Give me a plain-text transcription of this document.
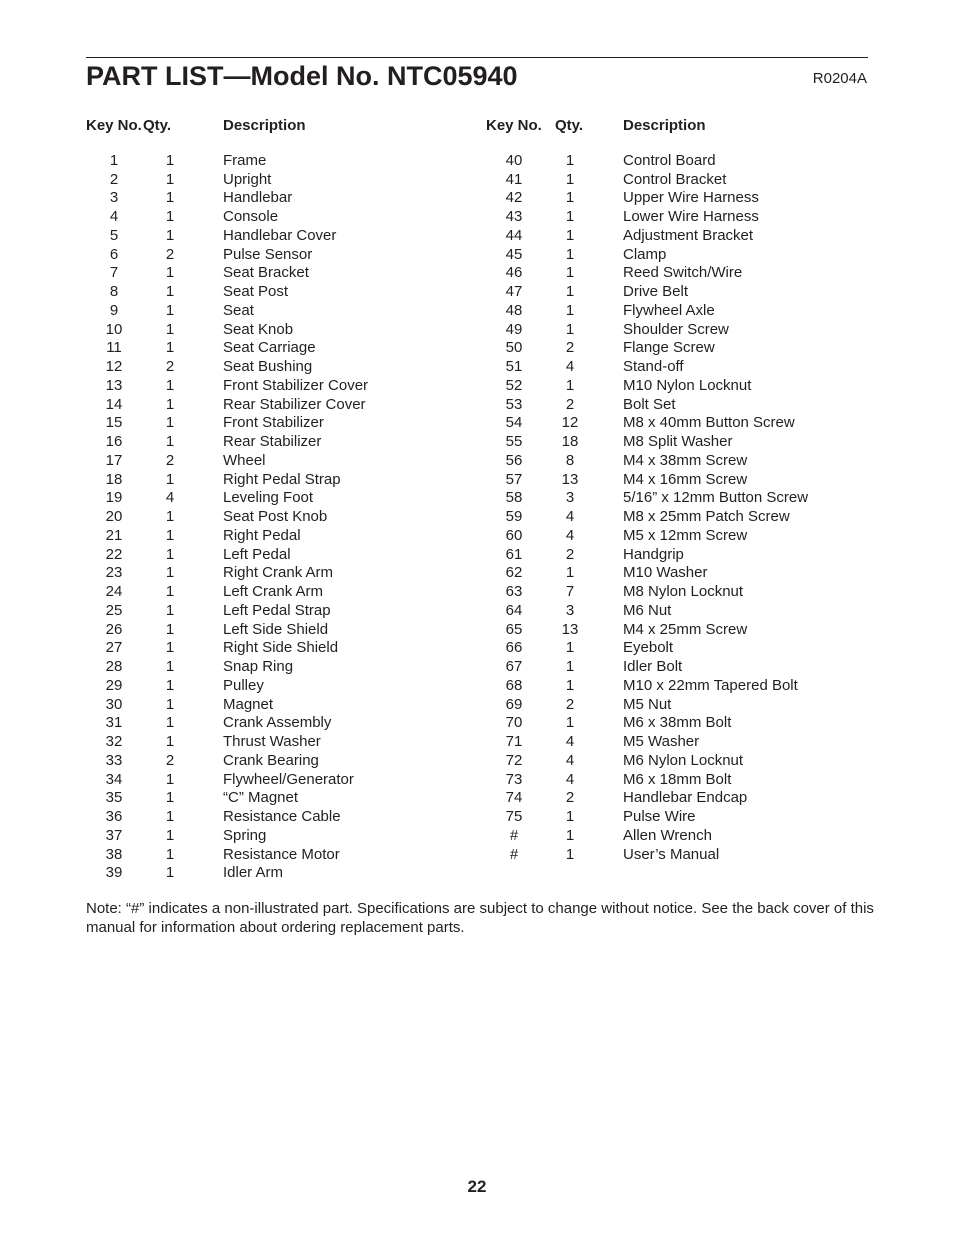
PART LIST—Model No. NTC05940	R0204A
Key No. Qty.	Description
1	1	Frame
2	1	Upright
3	1	Handlebar
4	1	Console
5	1	Handlebar Cover
6	2	Pulse Sensor
7	1	Seat Bracket
8	1	Seat Post
9	1	Seat
10	1	Seat Knob
11	1	Seat Carriage
12	2	Seat Bushing
13	1	Front Stabilizer Cover
14	1	Rear Stabilizer Cover
15	1	Front Stabilizer
16	1	Rear Stabilizer
17	2	Wheel
18	1	Right Pedal Strap
19	4	Leveling Foot
20	1	Seat Post Knob
21	1	Right Pedal
22	1	Left Pedal
23	1	Right Crank Arm
24	1	Left Crank Arm
25	1	Left Pedal Strap
26	1	Left Side Shield
27	1	Right Side Shield
28	1	Snap Ring
29	1	Pulley
30	1	Magnet
31	1	Crank Assembly
32	1	Thrust Washer
33	2	Crank Bearing
34	1	Flywheel/Generator
35	1	“C” Magnet
36	1	Resistance Cable
37	1	Spring
38	1	Resistance Motor
39	1	Idler Arm
Key No. Qty.	Description
40	1	Control Board
41	1	Control Bracket
42	1	Upper Wire Harness
43	1	Lower Wire Harness
44	1	Adjustment Bracket
45	1	Clamp
46	1	Reed Switch/Wire
47	1	Drive Belt
48	1	Flywheel Axle
49	1	Shoulder Screw
50	2	Flange Screw
51	4	Stand-off
52	1	M10 Nylon Locknut
53	2	Bolt Set
54	12	M8 x 40mm Button Screw
55	18	M8 Split Washer
56	8	M4 x 38mm Screw
57	13	M4 x 16mm Screw
58	3	5/16” x 12mm Button Screw
59	4	M8 x 25mm Patch Screw
60	4	M5 x 12mm Screw
61	2	Handgrip
62	1	M10 Washer
63	7	M8 Nylon Locknut
64	3	M6 Nut
65	13	M4 x 25mm Screw
66	1	Eyebolt
67	1	Idler Bolt
68	1	M10 x 22mm Tapered Bolt
69	2	M5 Nut
70	1	M6 x 38mm Bolt
71	4	M5 Washer
72	4	M6 Nylon Locknut
73	4	M6 x 18mm Bolt
74	2	Handlebar Endcap
75	1	Pulse Wire
#	1	Allen Wrench
#	1	User’s Manual
Note: “#” indicates a non-illustrated part. Specifications are subject to change without notice. See the back cover of this manual for information about ordering replacement parts.
22
